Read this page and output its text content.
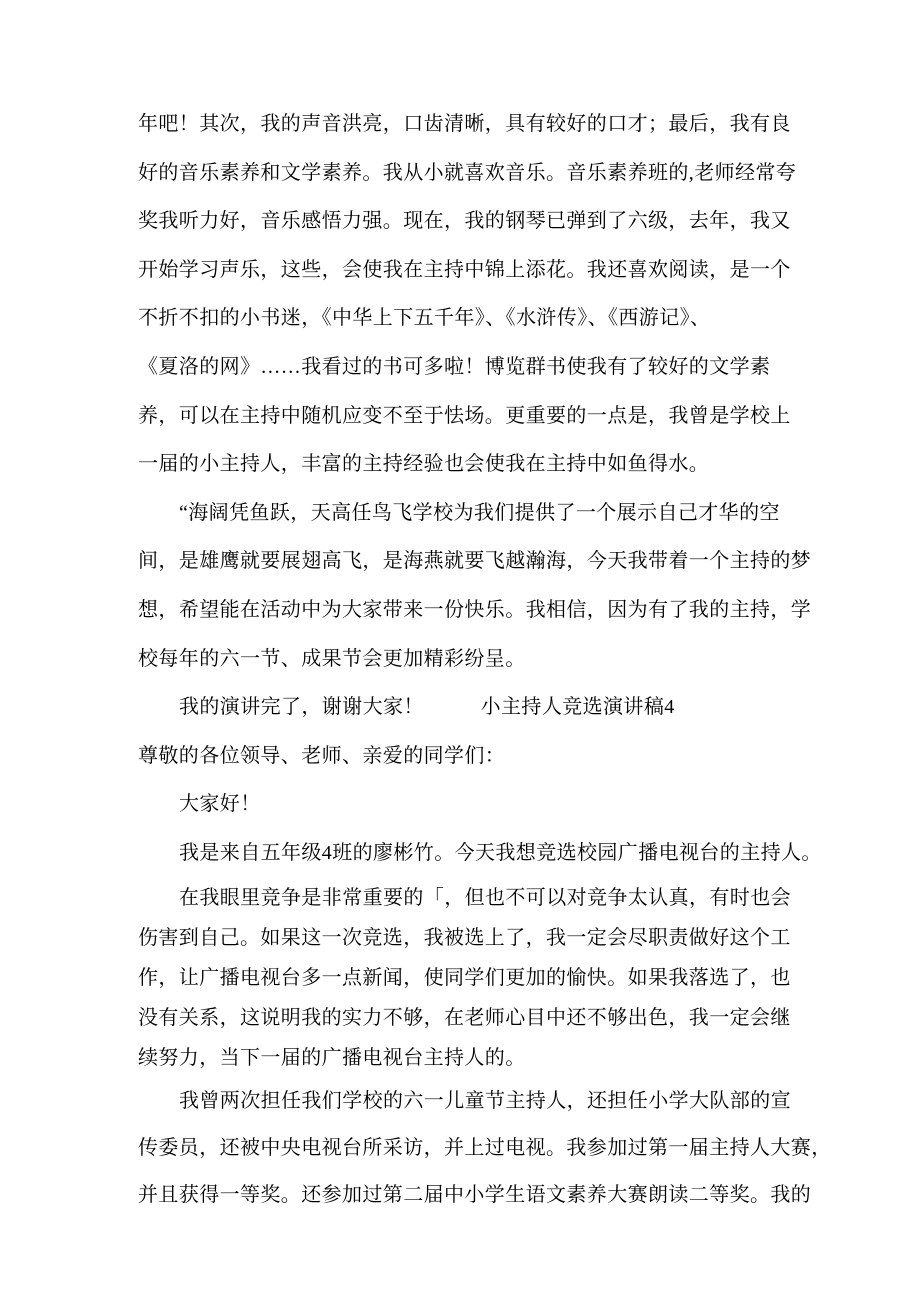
年吧！其次，我的声音洪亮，口齿清晰，具有较好的口才；最后，我有良
好的音乐素养和文学素养。我从小就喜欢音乐。音乐素养班的,老师经常夸
奖我听力好，音乐感悟力强。现在，我的钢琴已弹到了六级，去年，我又
开始学习声乐，这些，会使我在主持中锦上添花。我还喜欢阅读，是一个
不折不扣的小书迷，《中华上下五千年》、《水浒传》、《西游记》、
《夏洛的网》……我看过的书可多啦！博览群书使我有了较好的文学素
养，可以在主持中随机应变不至于怯场。更重要的一点是，我曾是学校上
一届的小主持人，丰富的主持经验也会使我在主持中如鱼得水。
“海阔凭鱼跃，天高任鸟飞学校为我们提供了一个展示自己才华的空
间，是雄鹰就要展翅高飞，是海燕就要飞越瀚海，今天我带着一个主持的梦
想，希望能在活动中为大家带来一份快乐。我相信，因为有了我的主持，学
校每年的六一节、成果节会更加精彩纷呈。
我的演讲完了，谢谢大家！	小主持人竞选演讲稿4
尊敬的各位领导、老师、亲爱的同学们：
大家好！
我是来自五年级4班的廖彬竹。今天我想竞选校园广播电视台的主持人。
在我眼里竞争是非常重要的「，但也不可以对竞争太认真，有时也会
伤害到自己。如果这一次竞选，我被选上了，我一定会尽职责做好这个工
作，让广播电视台多一点新闻，使同学们更加的愉快。如果我落选了，也
没有关系，这说明我的实力不够，在老师心目中还不够出色，我一定会继
续努力，当下一届的广播电视台主持人的。
我曾两次担任我们学校的六一儿童节主持人，还担任小学大队部的宣
传委员，还被中央电视台所采访，并上过电视。我参加过第一届主持人大赛，
并且获得一等奖。还参加过第二届中小学生语文素养大赛朗读二等奖。我的
